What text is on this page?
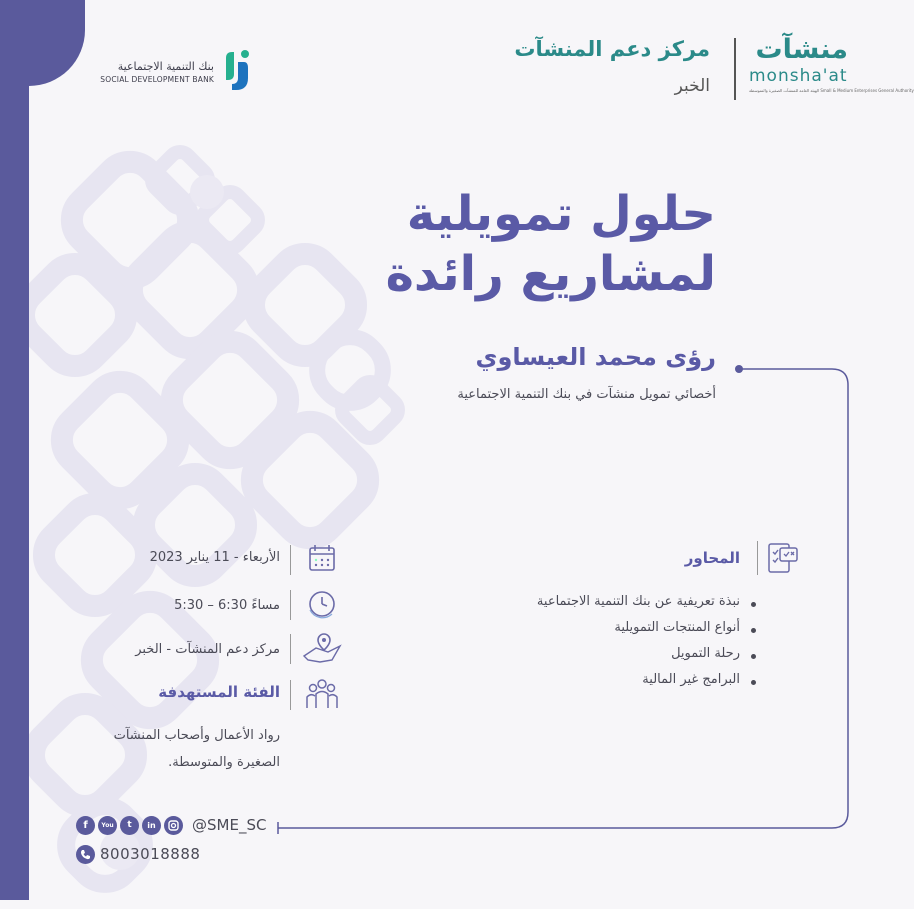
بنك التنمية الاجتماعية
SOCIAL DEVELOPMENT BANK
مركز دعم المنشآت
الخبر
منشآت
monsha'at
الهيئة العامة للمنشآت الصغيرة والمتوسطة Small & Medium Enterprises General Authority
حلول تمويلية
لمشاريع رائدة
رؤى محمد العيساوي
أخصائي تمويل منشآت في بنك التنمية الاجتماعية
الأربعاء - 11 يناير 2023
5:30 – 6:30 مساءً
مركز دعم المنشآت - الخبر
الفئة المستهدفة
رواد الأعمال وأصحاب المنشآت الصغيرة والمتوسطة.
المحاور
نبذة تعريفية عن بنك التنمية الاجتماعية
أنواع المنتجات التمويلية
رحلة التمويل
البرامج غير المالية
f	You	t	in	@SME_SC
8003018888
